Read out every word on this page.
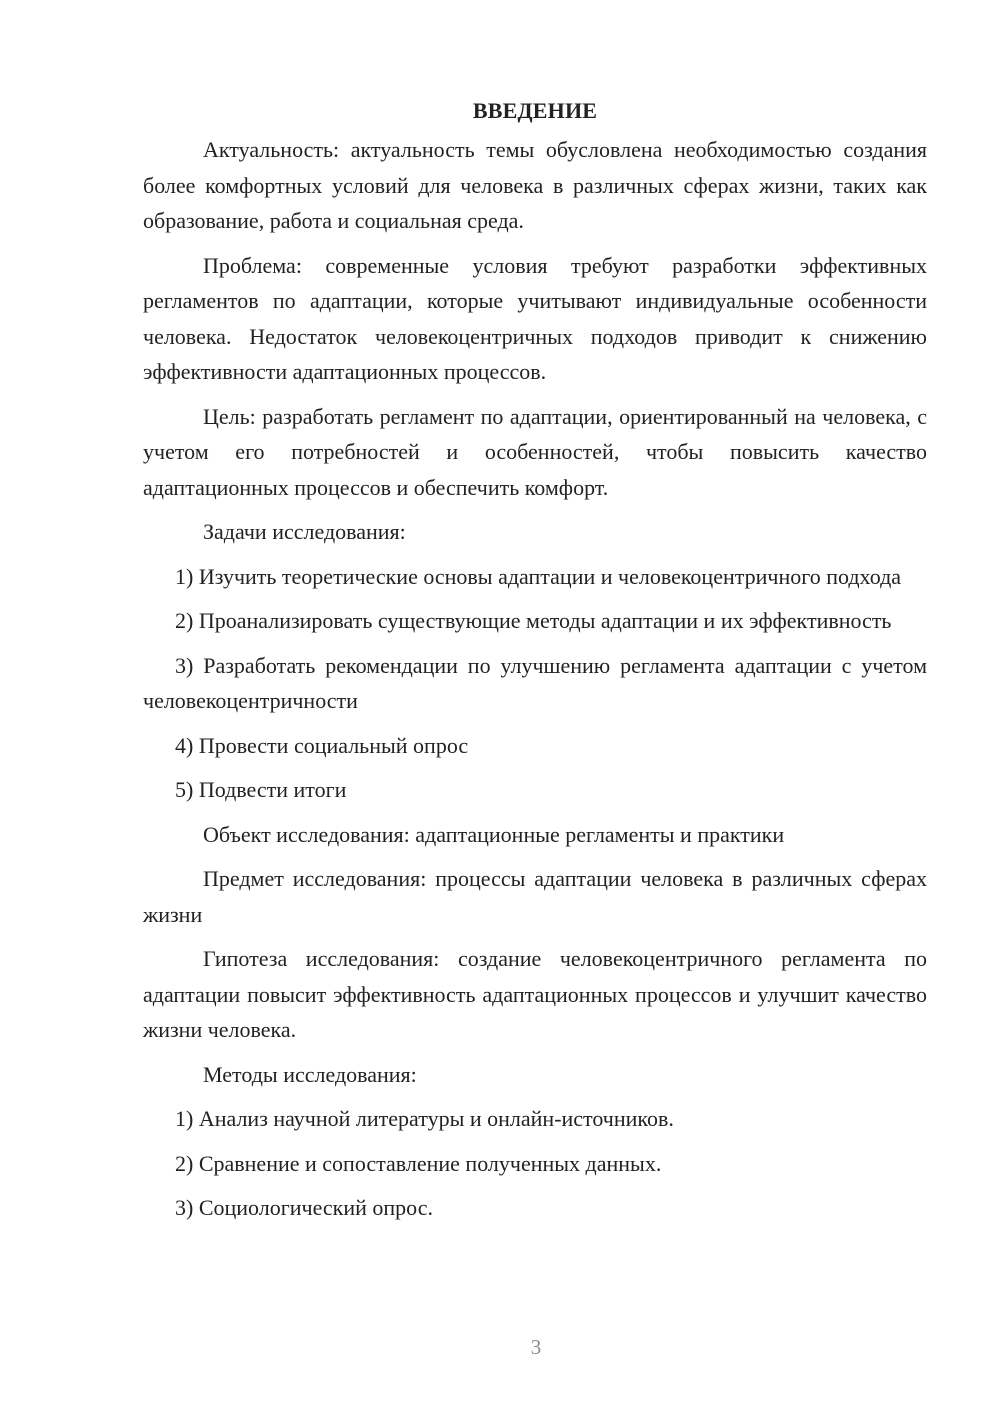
ВВЕДЕНИЕ

Актуальность: актуальность темы обусловлена необходимостью создания более комфортных условий для человека в различных сферах жизни, таких как образование, работа и социальная среда.

Проблема: современные условия требуют разработки эффективных регламентов по адаптации, которые учитывают индивидуальные особенности человека. Недостаток человекоцентричных подходов приводит к снижению эффективности адаптационных процессов.

Цель: разработать регламент по адаптации, ориентированный на человека, с учетом его потребностей и особенностей, чтобы повысить качество адаптационных процессов и обеспечить комфорт.

Задачи исследования:

1) Изучить теоретические основы адаптации и человекоцентричного подхода

2) Проанализировать существующие методы адаптации и их эффективность

3) Разработать рекомендации по улучшению регламента адаптации с учетом человекоцентричности

4) Провести социальный опрос

5) Подвести итоги

Объект исследования: адаптационные регламенты и практики

Предмет исследования: процессы адаптации человека в различных сферах жизни

Гипотеза исследования: создание человекоцентричного регламента по адаптации повысит эффективность адаптационных процессов и улучшит качество жизни человека.

Методы исследования:

1) Анализ научной литературы и онлайн-источников.

2) Сравнение и сопоставление полученных данных.

3) Социологический опрос.

3
